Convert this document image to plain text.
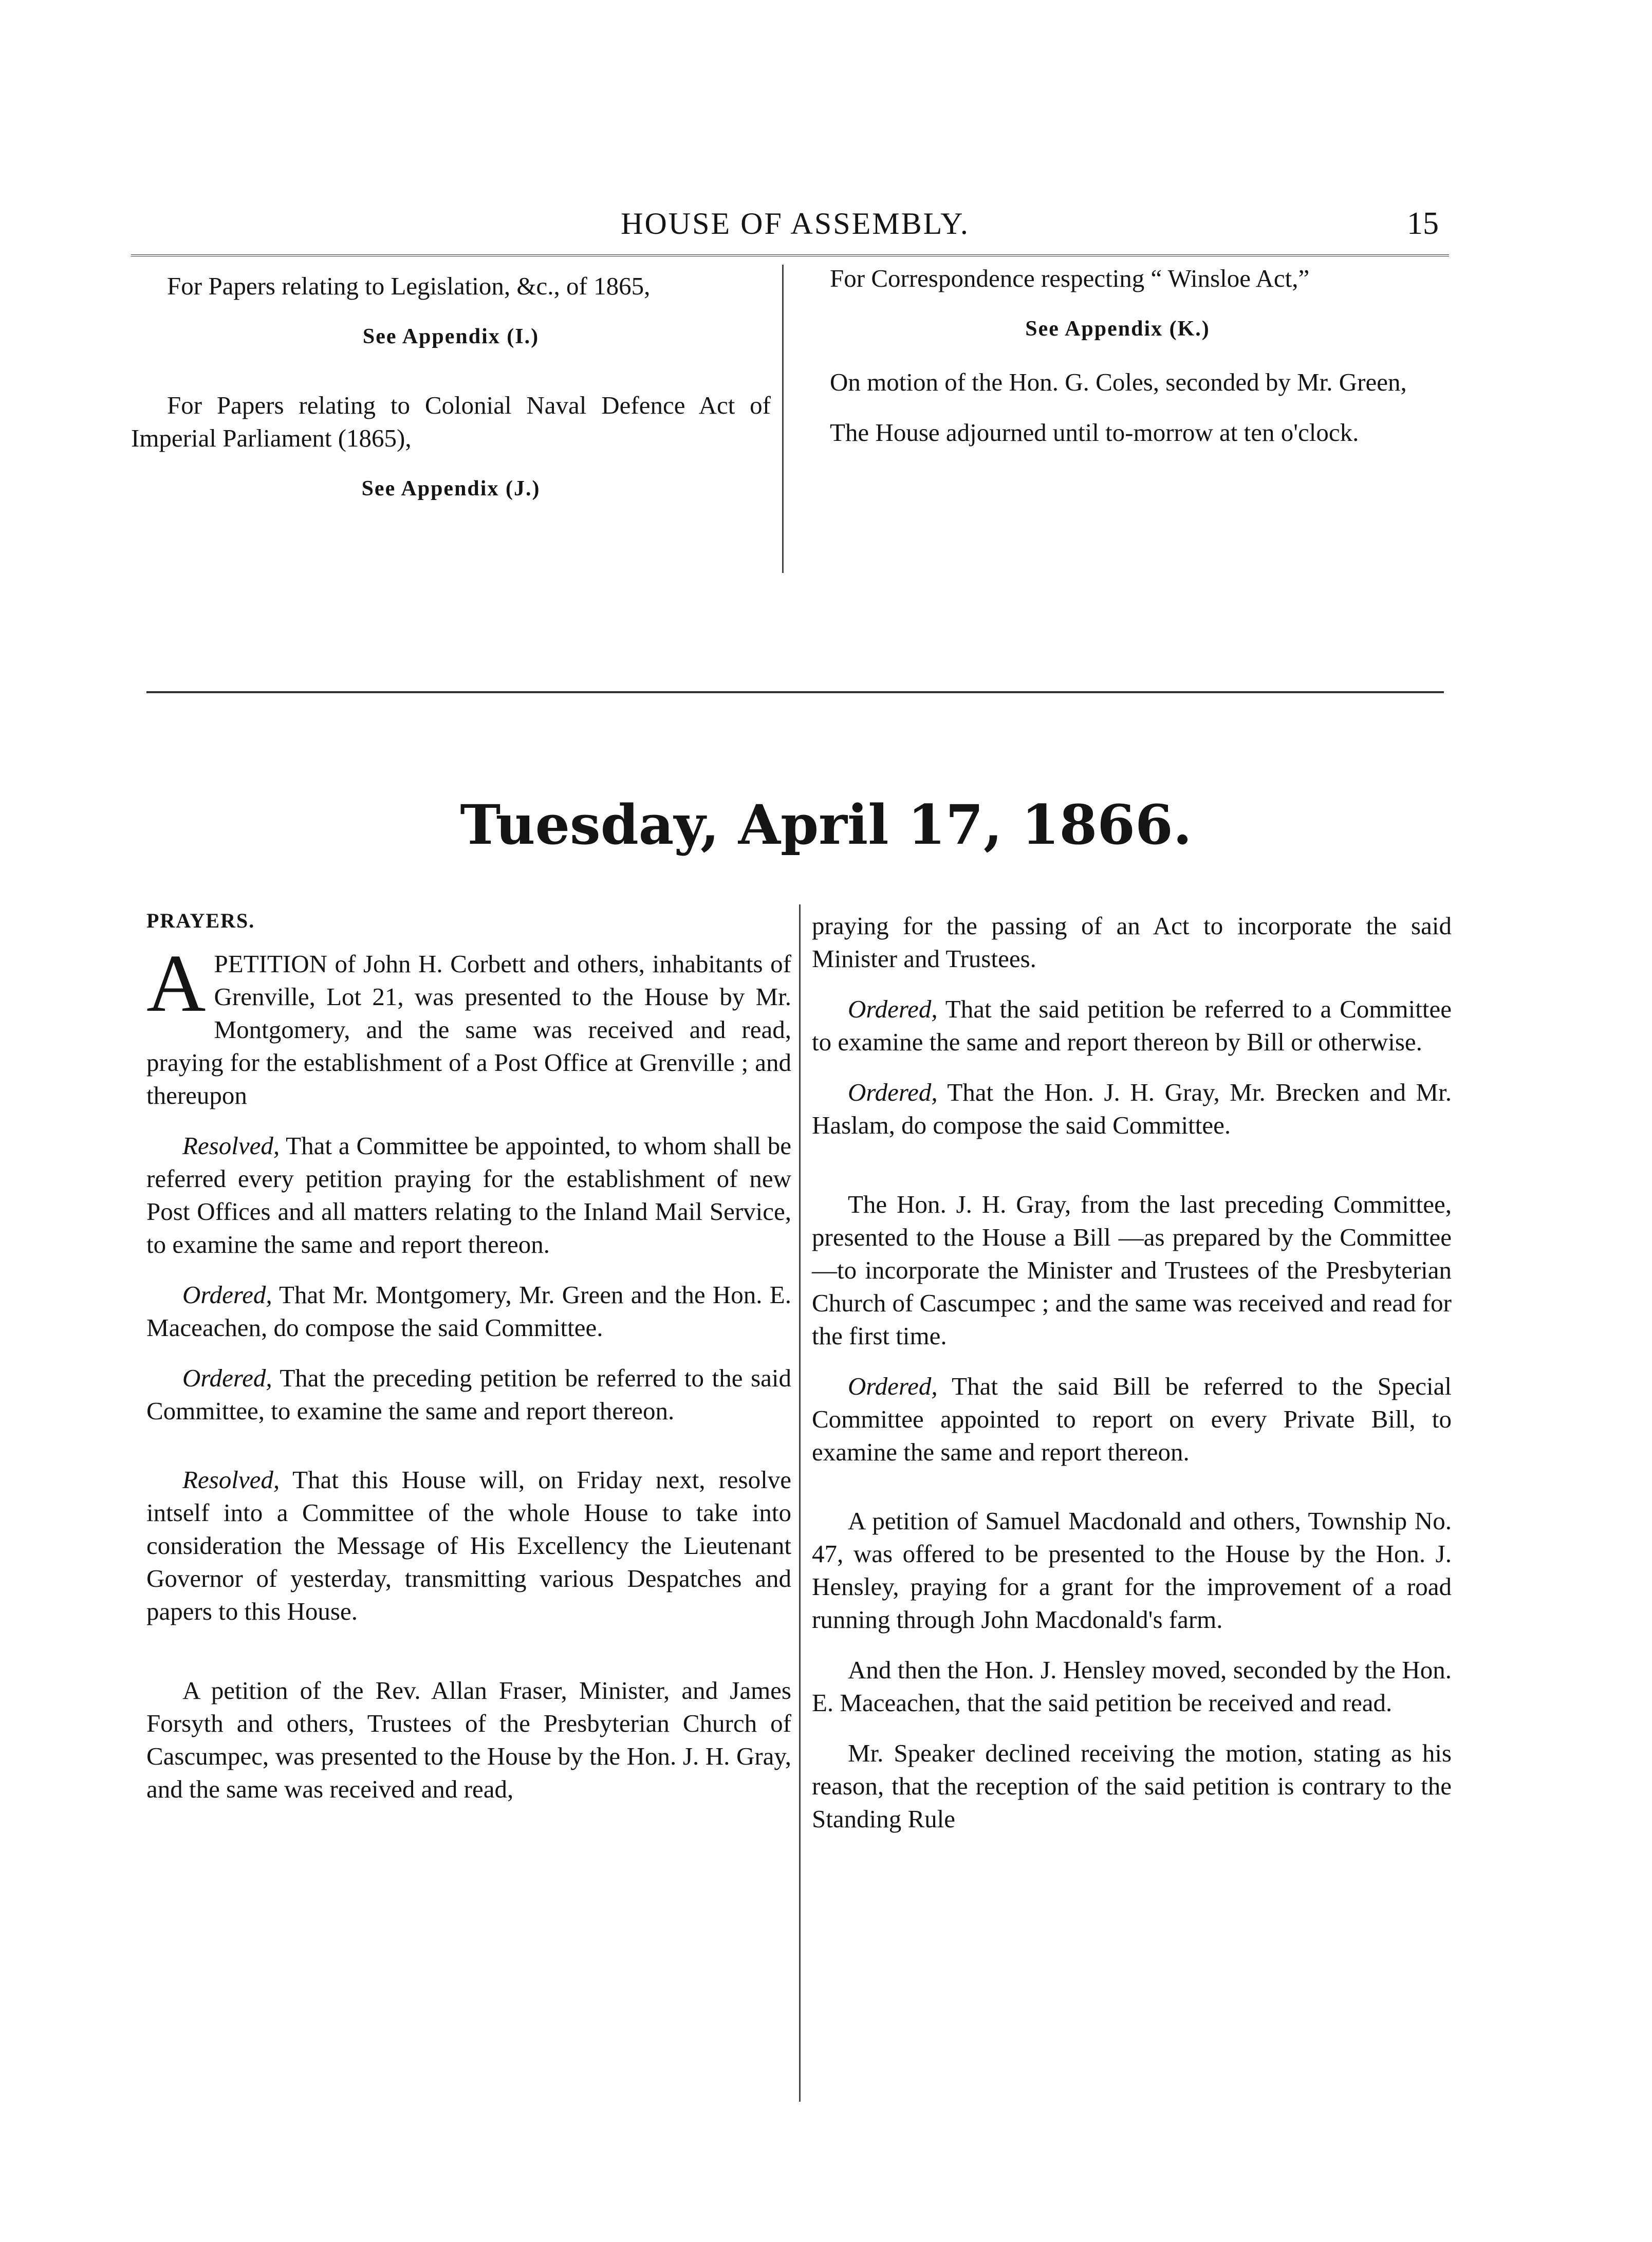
HOUSE OF ASSEMBLY.	15

For Papers relating to Legislation, &c., of 1865,

See Appendix (I.)

For Papers relating to Colonial Naval Defence Act of Imperial Parliament (1865),

See Appendix (J.)

For Correspondence respecting “ Winsloe Act,”

See Appendix (K.)

On motion of the Hon. G. Coles, seconded by Mr. Green,

The House adjourned until to-morrow at ten o'clock.

Tuesday, April 17, 1866.
PRAYERS.

APETITION of John H. Corbett and others, inhabitants of Grenville, Lot 21, was presented to the House by Mr. Montgomery, and the same was received and read, praying for the establishment of a Post Office at Grenville ; and thereupon

Resolved, That a Committee be appointed, to whom shall be referred every petition praying for the establishment of new Post Offices and all matters relating to the Inland Mail Service, to examine the same and report thereon.

Ordered, That Mr. Montgomery, Mr. Green and the Hon. E. Maceachen, do compose the said Committee.

Ordered, That the preceding petition be referred to the said Committee, to examine the same and report thereon.

Resolved, That this House will, on Friday next, resolve intself into a Committee of the whole House to take into consideration the Message of His Excellency the Lieutenant Governor of yesterday, transmitting various Despatches and papers to this House.

A petition of the Rev. Allan Fraser, Minister, and James Forsyth and others, Trustees of the Presbyterian Church of Cascumpec, was presented to the House by the Hon. J. H. Gray, and the same was received and read,

praying for the passing of an Act to incorporate the said Minister and Trustees.

Ordered, That the said petition be referred to a Committee to examine the same and report thereon by Bill or otherwise.

Ordered, That the Hon. J. H. Gray, Mr. Brecken and Mr. Haslam, do compose the said Committee.

The Hon. J. H. Gray, from the last preceding Committee, presented to the House a Bill —as prepared by the Committee—to incorporate the Minister and Trustees of the Presbyterian Church of Cascumpec ; and the same was received and read for the first time.

Ordered, That the said Bill be referred to the Special Committee appointed to report on every Private Bill, to examine the same and report thereon.

A petition of Samuel Macdonald and others, Township No. 47, was offered to be presented to the House by the Hon. J. Hensley, praying for a grant for the improvement of a road running through John Macdonald's farm.

And then the Hon. J. Hensley moved, seconded by the Hon. E. Maceachen, that the said petition be received and read.

Mr. Speaker declined receiving the motion, stating as his reason, that the reception of the said petition is contrary to the Standing Rule
